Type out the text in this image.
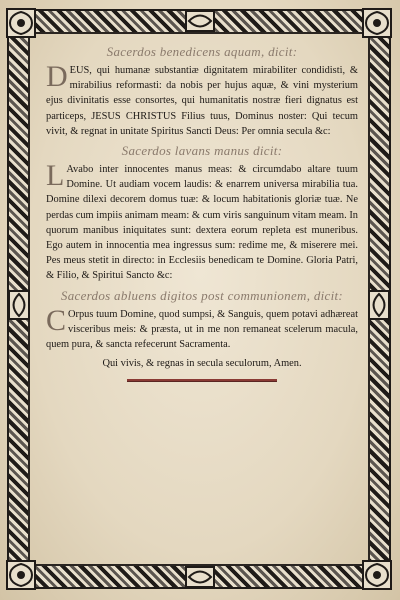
Sacerdos benedicens aquam, dicit:
DEUS, qui humanæ substantiæ dignitatem mirabiliter condidisti, & mirabilius reformasti: da nobis per hujus aquæ, & vini mysterium ejus divinitatis esse consortes, qui humanitatis nostræ fieri dignatus est particeps, JESUS CHRISTUS Filius tuus, Dominus noster: Qui tecum vivit, & regnat in unitate Spiritus Sancti Deus: Per omnia secula &c:
Sacerdos lavans manus dicit:
L Avabo inter innocentes manus meas: & circumdabo altare tuum Domine. Ut audiam vocem laudis: & enarrem universa mirabilia tua. Domine dilexi decorem domus tuæ: & locum habitationis gloriæ tuæ. Ne perdas cum impiis animam meam: & cum viris sanguinum vitam meam. In quorum manibus iniquitates sunt: dextera eorum repleta est muneribus. Ego autem in innocentia mea ingressus sum: redime me, & miserere mei. Pes meus stetit in directo: in Ecclesiis benedicam te Domine. Gloria Patri, & Filio, & Spiritui Sancto &c:
Sacerdos abluens digitos post communionem, dicit:
C Orpus tuum Domine, quod sumpsi, & Sanguis, quem potavi adhæreat visceribus meis: & præsta, ut in me non remaneat scelerum macula, quem pura, & sancta refecerunt Sacramenta.
Qui vivis, & regnas in secula seculorum, Amen.
